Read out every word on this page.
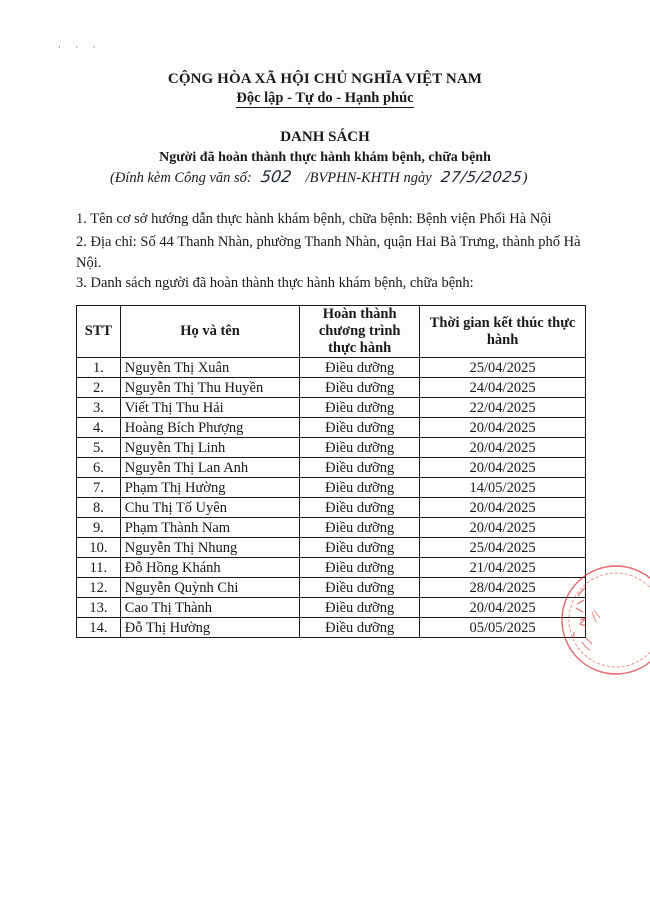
· · ·
CỘNG HÒA XÃ HỘI CHỦ NGHĨA VIỆT NAM
Độc lập - Tự do - Hạnh phúc
DANH SÁCH
Người đã hoàn thành thực hành khám bệnh, chữa bệnh
(Đính kèm Công văn số: 502 /BVPHN-KHTH ngày 27/5/2025)
1. Tên cơ sở hướng dẫn thực hành khám bệnh, chữa bệnh: Bệnh viện Phổi Hà Nội
2. Địa chỉ: Số 44 Thanh Nhàn, phường Thanh Nhàn, quận Hai Bà Trưng, thành phố Hà Nội.
3. Danh sách người đã hoàn thành thực hành khám bệnh, chữa bệnh:
STT	Họ và tên	Hoàn thành chương trình thực hành	Thời gian kết thúc thực hành
1.	Nguyễn Thị Xuân	Điều dưỡng	25/04/2025
2.	Nguyễn Thị Thu Huyền	Điều dưỡng	24/04/2025
3.	Viết Thị Thu Hải	Điều dưỡng	22/04/2025
4.	Hoàng Bích Phượng	Điều dưỡng	20/04/2025
5.	Nguyễn Thị Linh	Điều dưỡng	20/04/2025
6.	Nguyễn Thị Lan Anh	Điều dưỡng	20/04/2025
7.	Phạm Thị Hường	Điều dưỡng	14/05/2025
8.	Chu Thị Tố Uyên	Điều dưỡng	20/04/2025
9.	Phạm Thành Nam	Điều dưỡng	20/04/2025
10.	Nguyễn Thị Nhung	Điều dưỡng	25/04/2025
11.	Đỗ Hồng Khánh	Điều dưỡng	21/04/2025
12.	Nguyễn Quỳnh Chi	Điều dưỡng	28/04/2025
13.	Cao Thị Thành	Điều dưỡng	20/04/2025
14.	Đỗ Thị Hường	Điều dưỡng	05/05/2025
